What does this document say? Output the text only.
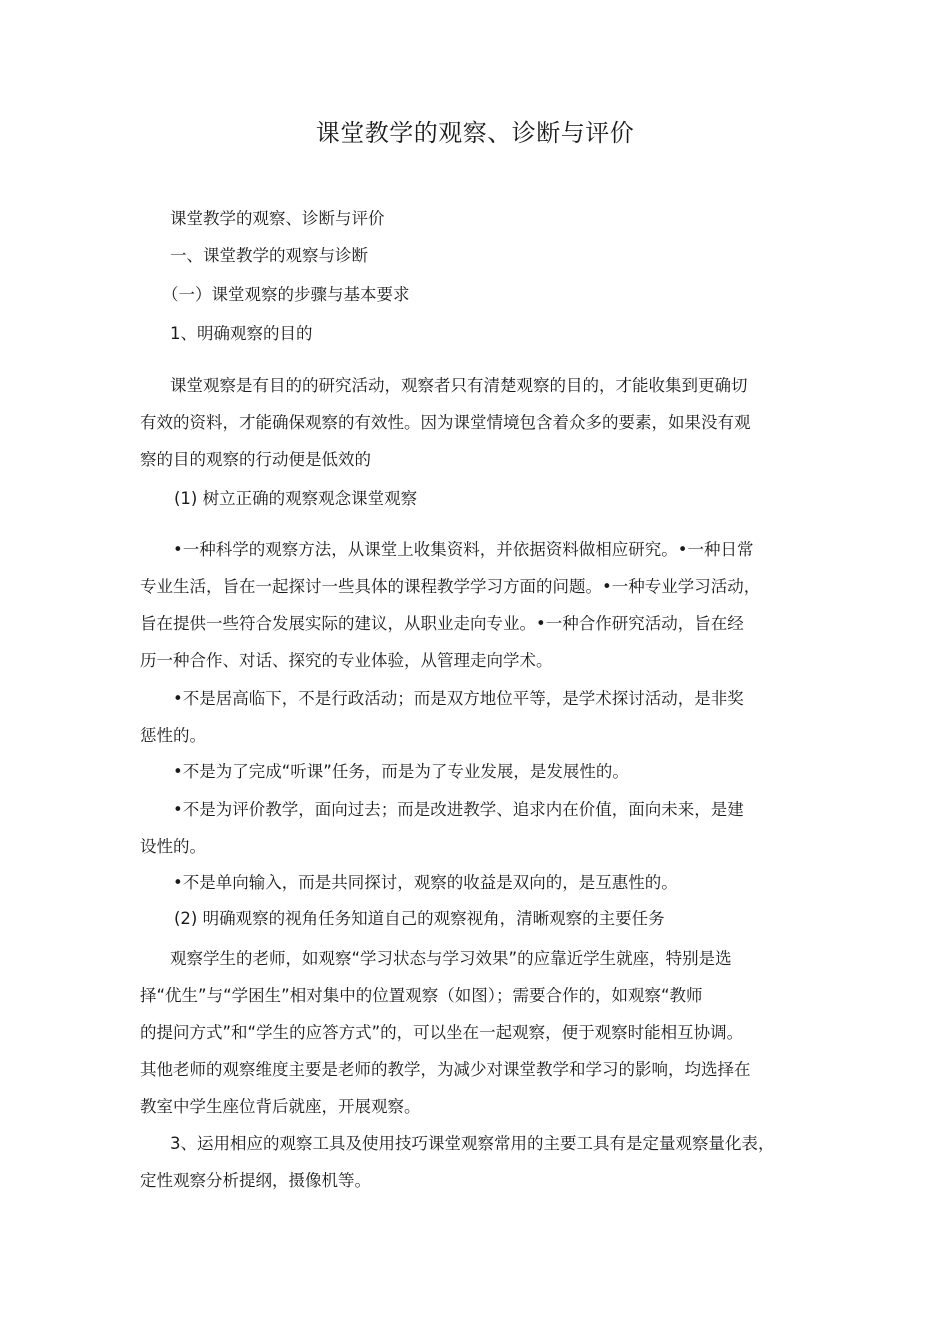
课堂教学的观察、诊断与评价
课堂教学的观察、诊断与评价
一、课堂教学的观察与诊断
（一）课堂观察的步骤与基本要求
1、明确观察的目的
课堂观察是有目的的研究活动，观察者只有清楚观察的目的，才能收集到更确切
有效的资料，才能确保观察的有效性。因为课堂情境包含着众多的要素，如果没有观
察的目的观察的行动便是低效的
(1) 树立正确的观察观念课堂观察
•一种科学的观察方法，从课堂上收集资料，并依据资料做相应研究。•一种日常
专业生活，旨在一起探讨一些具体的课程教学学习方面的问题。•一种专业学习活动，
旨在提供一些符合发展实际的建议，从职业走向专业。•一种合作研究活动，旨在经
历一种合作、对话、探究的专业体验，从管理走向学术。
•不是居高临下，不是行政活动；而是双方地位平等，是学术探讨活动，是非奖
惩性的。
•不是为了完成“听课”任务，而是为了专业发展，是发展性的。
•不是为评价教学，面向过去；而是改进教学、追求内在价值，面向未来，是建
设性的。
•不是单向输入，而是共同探讨，观察的收益是双向的，是互惠性的。
(2) 明确观察的视角任务知道自己的观察视角，清晰观察的主要任务
观察学生的老师，如观察“学习状态与学习效果”的应靠近学生就座，特别是选
择“优生”与“学困生”相对集中的位置观察（如图）；需要合作的，如观察“教师
的提问方式”和“学生的应答方式”的，可以坐在一起观察，便于观察时能相互协调。
其他老师的观察维度主要是老师的教学，为减少对课堂教学和学习的影响，均选择在
教室中学生座位背后就座，开展观察。
3、运用相应的观察工具及使用技巧课堂观察常用的主要工具有是定量观察量化表，
定性观察分析提纲，摄像机等。
